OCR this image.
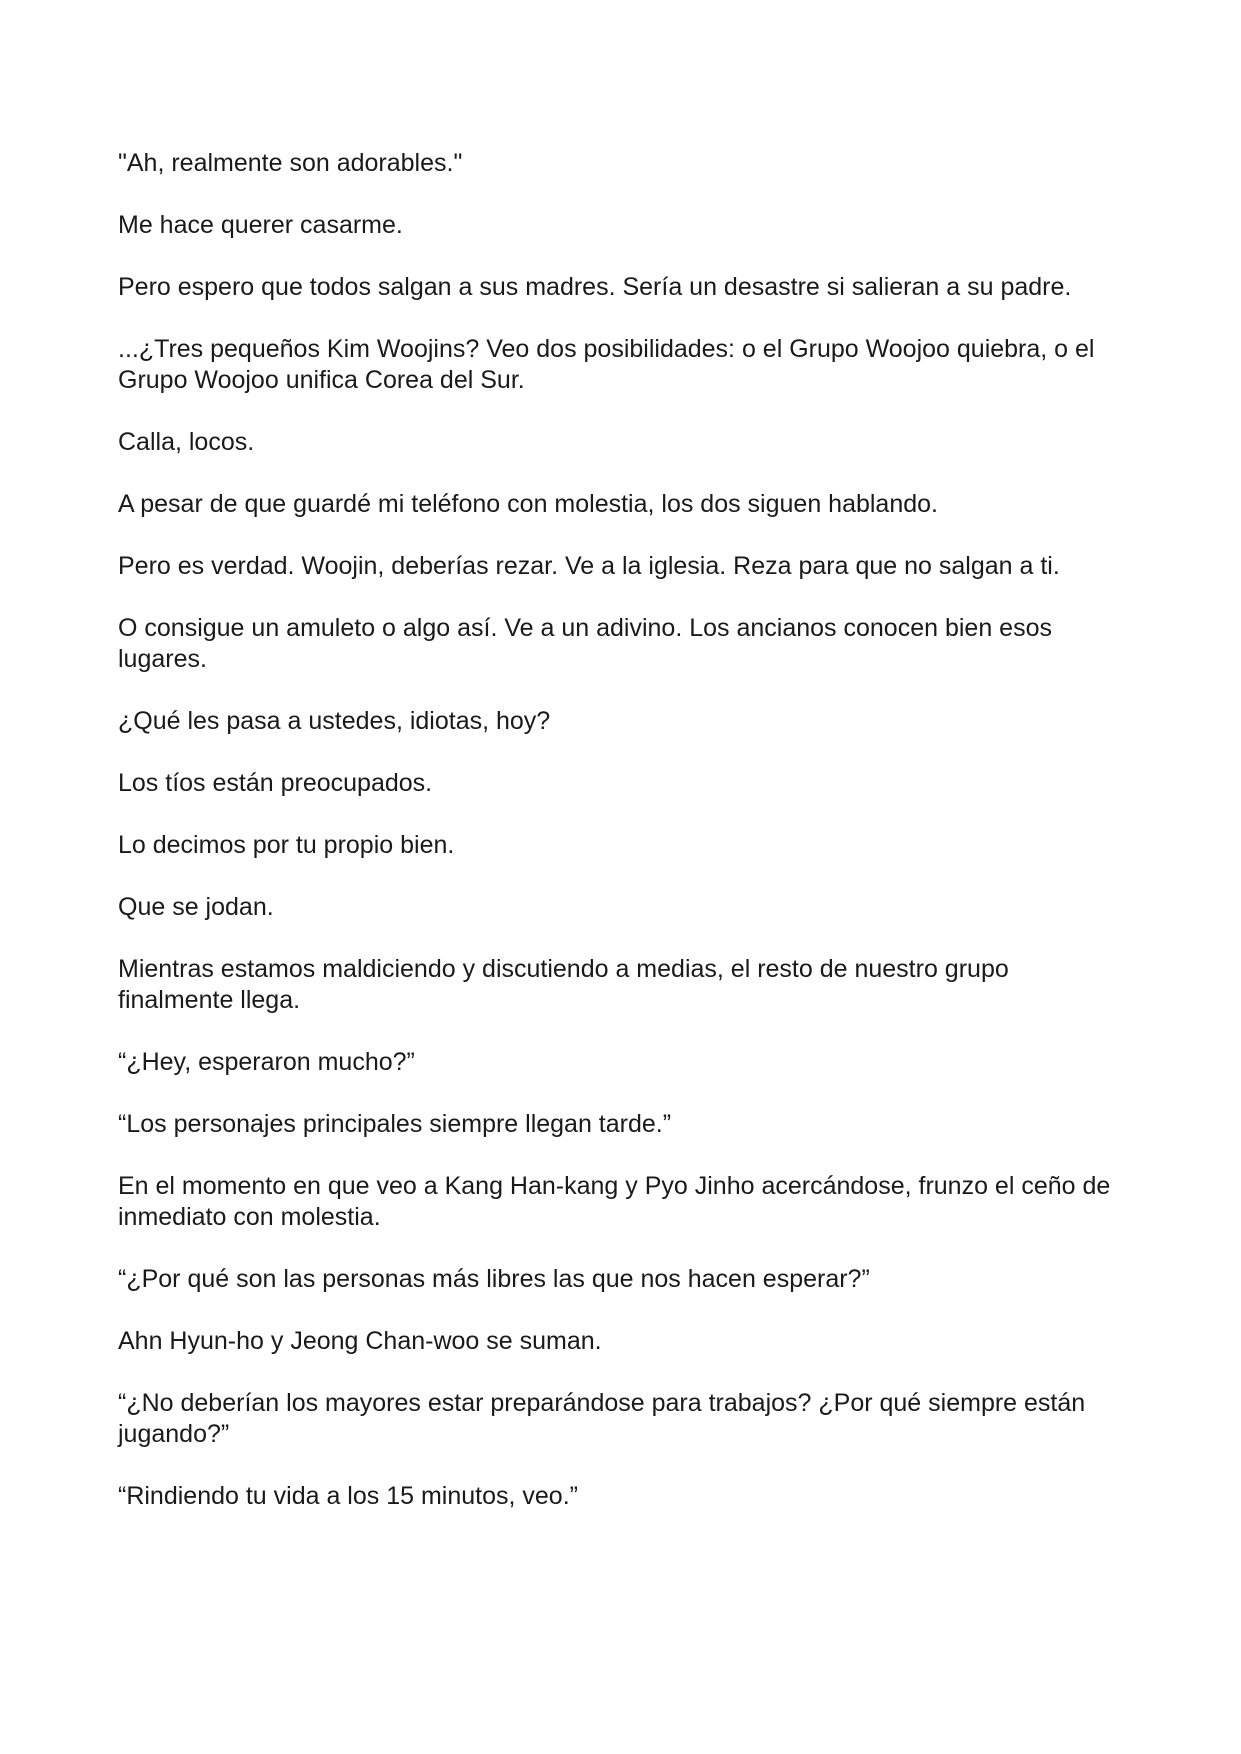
"Ah, realmente son adorables."

Me hace querer casarme.

Pero espero que todos salgan a sus madres. Sería un desastre si salieran a su padre.

...¿Tres pequeños Kim Woojins? Veo dos posibilidades: o el Grupo Woojoo quiebra, o el Grupo Woojoo unifica Corea del Sur.

Calla, locos.

A pesar de que guardé mi teléfono con molestia, los dos siguen hablando.

Pero es verdad. Woojin, deberías rezar. Ve a la iglesia. Reza para que no salgan a ti.

O consigue un amuleto o algo así. Ve a un adivino. Los ancianos conocen bien esos lugares.

¿Qué les pasa a ustedes, idiotas, hoy?

Los tíos están preocupados.

Lo decimos por tu propio bien.

Que se jodan.

Mientras estamos maldiciendo y discutiendo a medias, el resto de nuestro grupo finalmente llega.

“¿Hey, esperaron mucho?”

“Los personajes principales siempre llegan tarde.”

En el momento en que veo a Kang Han-kang y Pyo Jinho acercándose, frunzo el ceño de inmediato con molestia.

“¿Por qué son las personas más libres las que nos hacen esperar?”

Ahn Hyun-ho y Jeong Chan-woo se suman.

“¿No deberían los mayores estar preparándose para trabajos? ¿Por qué siempre están jugando?”

“Rindiendo tu vida a los 15 minutos, veo.”
